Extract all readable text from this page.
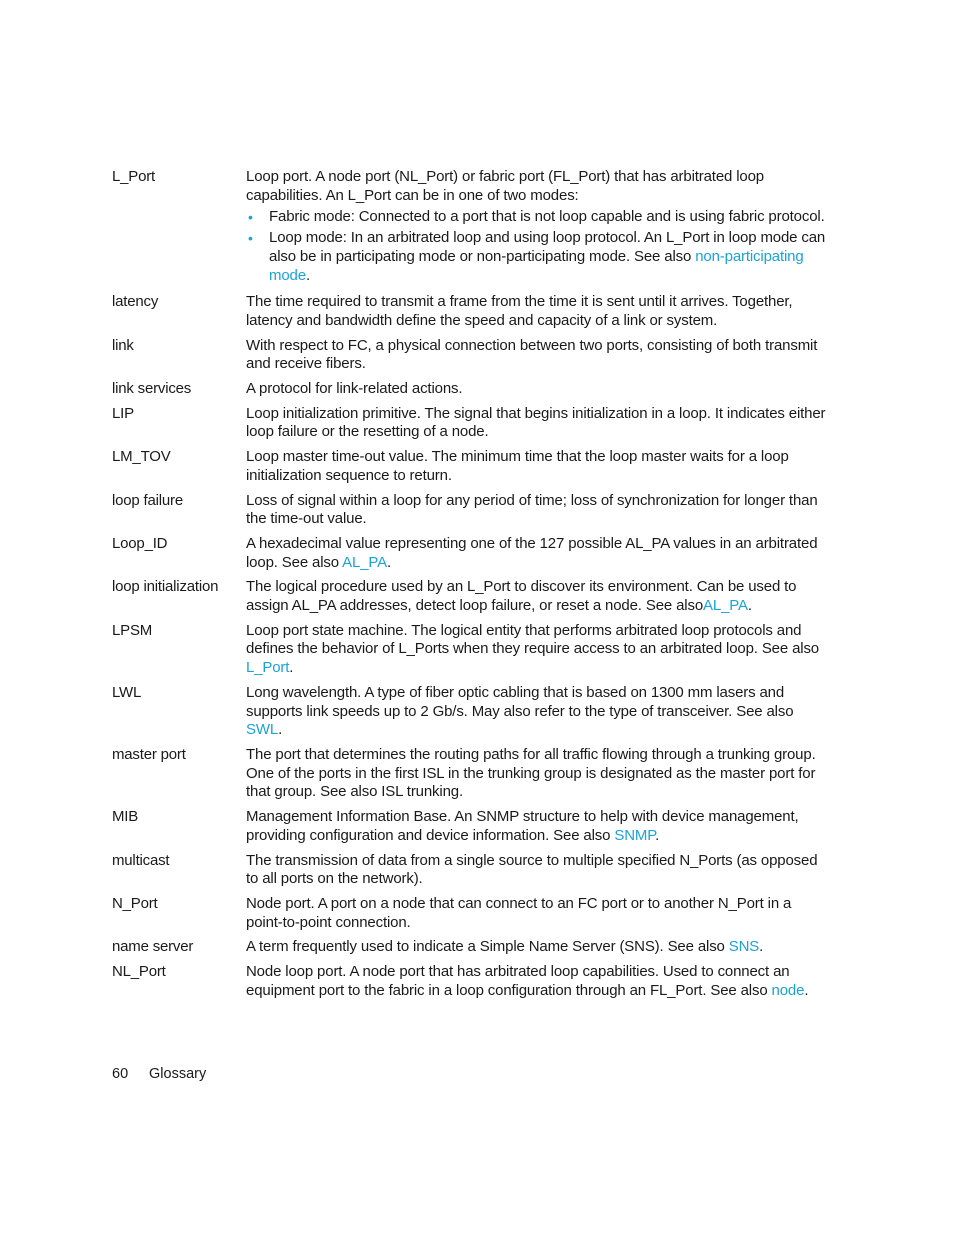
L_Port	Loop port. A node port (NL_Port) or fabric port (FL_Port) that has arbitrated loop capabilities. An L_Port can be in one of two modes:
• Fabric mode: Connected to a port that is not loop capable and is using fabric protocol.
• Loop mode: In an arbitrated loop and using loop protocol. An L_Port in loop mode can also be in participating mode or non-participating mode. See also non-participating mode.
latency	The time required to transmit a frame from the time it is sent until it arrives. Together, latency and bandwidth define the speed and capacity of a link or system.
link	With respect to FC, a physical connection between two ports, consisting of both transmit and receive fibers.
link services	A protocol for link-related actions.
LIP	Loop initialization primitive. The signal that begins initialization in a loop. It indicates either loop failure or the resetting of a node.
LM_TOV	Loop master time-out value. The minimum time that the loop master waits for a loop initialization sequence to return.
loop failure	Loss of signal within a loop for any period of time; loss of synchronization for longer than the time-out value.
Loop_ID	A hexadecimal value representing one of the 127 possible AL_PA values in an arbitrated loop. See also AL_PA.
loop initialization	The logical procedure used by an L_Port to discover its environment. Can be used to assign AL_PA addresses, detect loop failure, or reset a node. See alsoAL_PA.
LPSM	Loop port state machine. The logical entity that performs arbitrated loop protocols and defines the behavior of L_Ports when they require access to an arbitrated loop. See also L_Port.
LWL	Long wavelength. A type of fiber optic cabling that is based on 1300 mm lasers and supports link speeds up to 2 Gb/s. May also refer to the type of transceiver. See also SWL.
master port	The port that determines the routing paths for all traffic flowing through a trunking group. One of the ports in the first ISL in the trunking group is designated as the master port for that group. See also ISL trunking.
MIB	Management Information Base. An SNMP structure to help with device management, providing configuration and device information. See also SNMP.
multicast	The transmission of data from a single source to multiple specified N_Ports (as opposed to all ports on the network).
N_Port	Node port. A port on a node that can connect to an FC port or to another N_Port in a point-to-point connection.
name server	A term frequently used to indicate a Simple Name Server (SNS). See also SNS.
NL_Port	Node loop port. A node port that has arbitrated loop capabilities. Used to connect an equipment port to the fabric in a loop configuration through an FL_Port. See also node.
60 Glossary
